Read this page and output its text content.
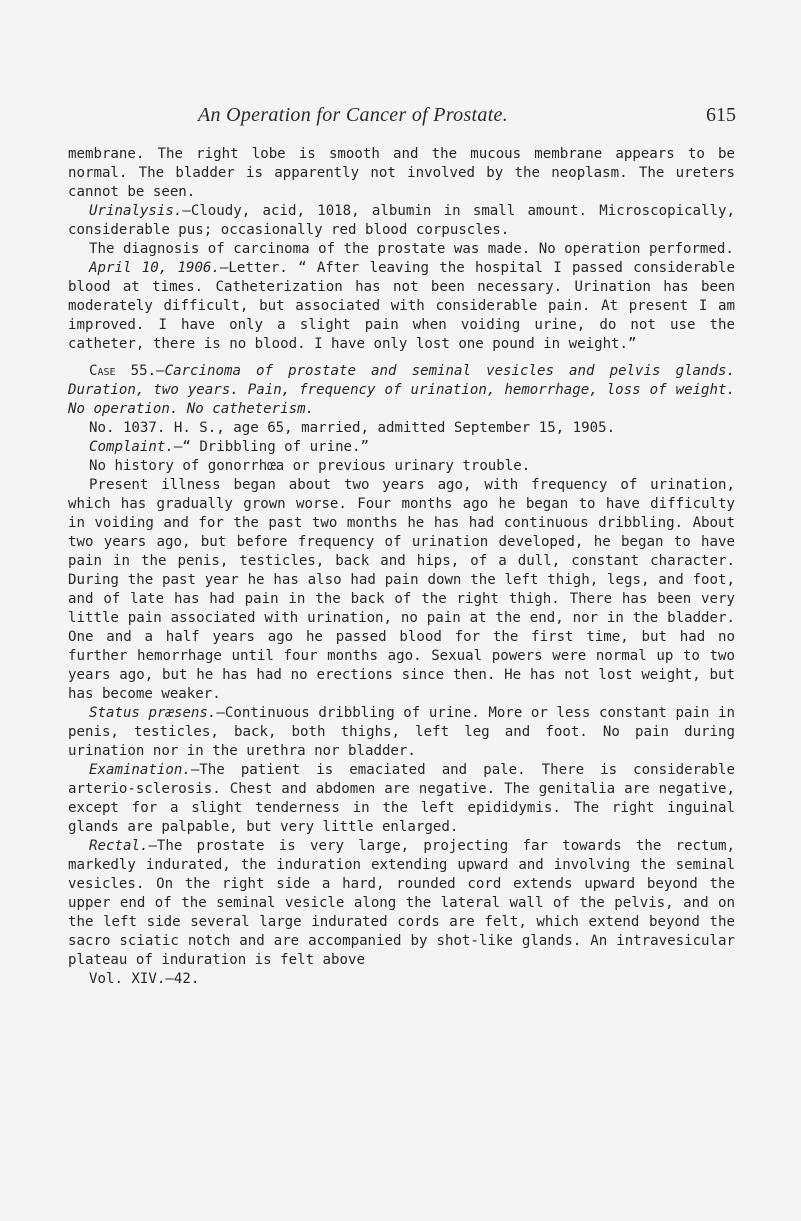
An Operation for Cancer of Prostate.	615

membrane. The right lobe is smooth and the mucous membrane appears to be normal. The bladder is apparently not involved by the neoplasm. The ureters cannot be seen.

Urinalysis.—Cloudy, acid, 1018, albumin in small amount. Microscopically, considerable pus; occasionally red blood corpuscles.

The diagnosis of carcinoma of the prostate was made. No operation performed.

April 10, 1906.—Letter. “ After leaving the hospital I passed considerable blood at times. Catheterization has not been necessary. Urination has been moderately difficult, but associated with considerable pain. At present I am improved. I have only a slight pain when voiding urine, do not use the catheter, there is no blood. I have only lost one pound in weight.”

Case 55.—Carcinoma of prostate and seminal vesicles and pelvis glands. Duration, two years. Pain, frequency of urination, hemorrhage, loss of weight. No operation. No catheterism.

No. 1037. H. S., age 65, married, admitted September 15, 1905.

Complaint.—“ Dribbling of urine.”

No history of gonorrhœa or previous urinary trouble.

Present illness began about two years ago, with frequency of urination, which has gradually grown worse. Four months ago he began to have difficulty in voiding and for the past two months he has had continuous dribbling. About two years ago, but before frequency of urination developed, he began to have pain in the penis, testicles, back and hips, of a dull, constant character. During the past year he has also had pain down the left thigh, legs, and foot, and of late has had pain in the back of the right thigh. There has been very little pain associated with urination, no pain at the end, nor in the bladder. One and a half years ago he passed blood for the first time, but had no further hemorrhage until four months ago. Sexual powers were normal up to two years ago, but he has had no erections since then. He has not lost weight, but has become weaker.

Status præsens.—Continuous dribbling of urine. More or less constant pain in penis, testicles, back, both thighs, left leg and foot. No pain during urination nor in the urethra nor bladder.

Examination.—The patient is emaciated and pale. There is considerable arterio-sclerosis. Chest and abdomen are negative. The genitalia are negative, except for a slight tenderness in the left epididymis. The right inguinal glands are palpable, but very little enlarged.

Rectal.—The prostate is very large, projecting far towards the rectum, markedly indurated, the induration extending upward and involving the seminal vesicles. On the right side a hard, rounded cord extends upward beyond the upper end of the seminal vesicle along the lateral wall of the pelvis, and on the left side several large indurated cords are felt, which extend beyond the sacro sciatic notch and are accompanied by shot-like glands. An intravesicular plateau of induration is felt above

Vol. XIV.—42.
